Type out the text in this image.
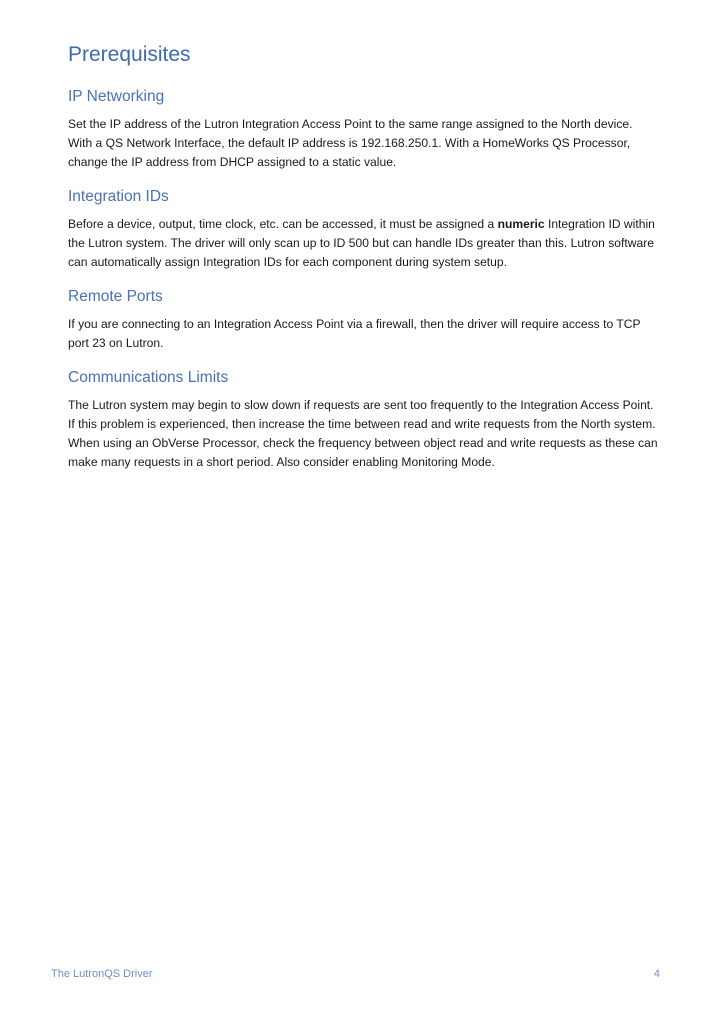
Prerequisites
IP Networking

Set the IP address of the Lutron Integration Access Point to the same range assigned to the North device. With a QS Network Interface, the default IP address is 192.168.250.1. With a HomeWorks QS Processor, change the IP address from DHCP assigned to a static value.

Integration IDs

Before a device, output, time clock, etc. can be accessed, it must be assigned a numeric Integration ID within the Lutron system. The driver will only scan up to ID 500 but can handle IDs greater than this. Lutron software can automatically assign Integration IDs for each component during system setup.

Remote Ports

If you are connecting to an Integration Access Point via a firewall, then the driver will require access to TCP port 23 on Lutron.

Communications Limits

The Lutron system may begin to slow down if requests are sent too frequently to the Integration Access Point. If this problem is experienced, then increase the time between read and write requests from the North system. When using an ObVerse Processor, check the frequency between object read and write requests as these can make many requests in a short period. Also consider enabling Monitoring Mode.

The LutronQS Driver	4
